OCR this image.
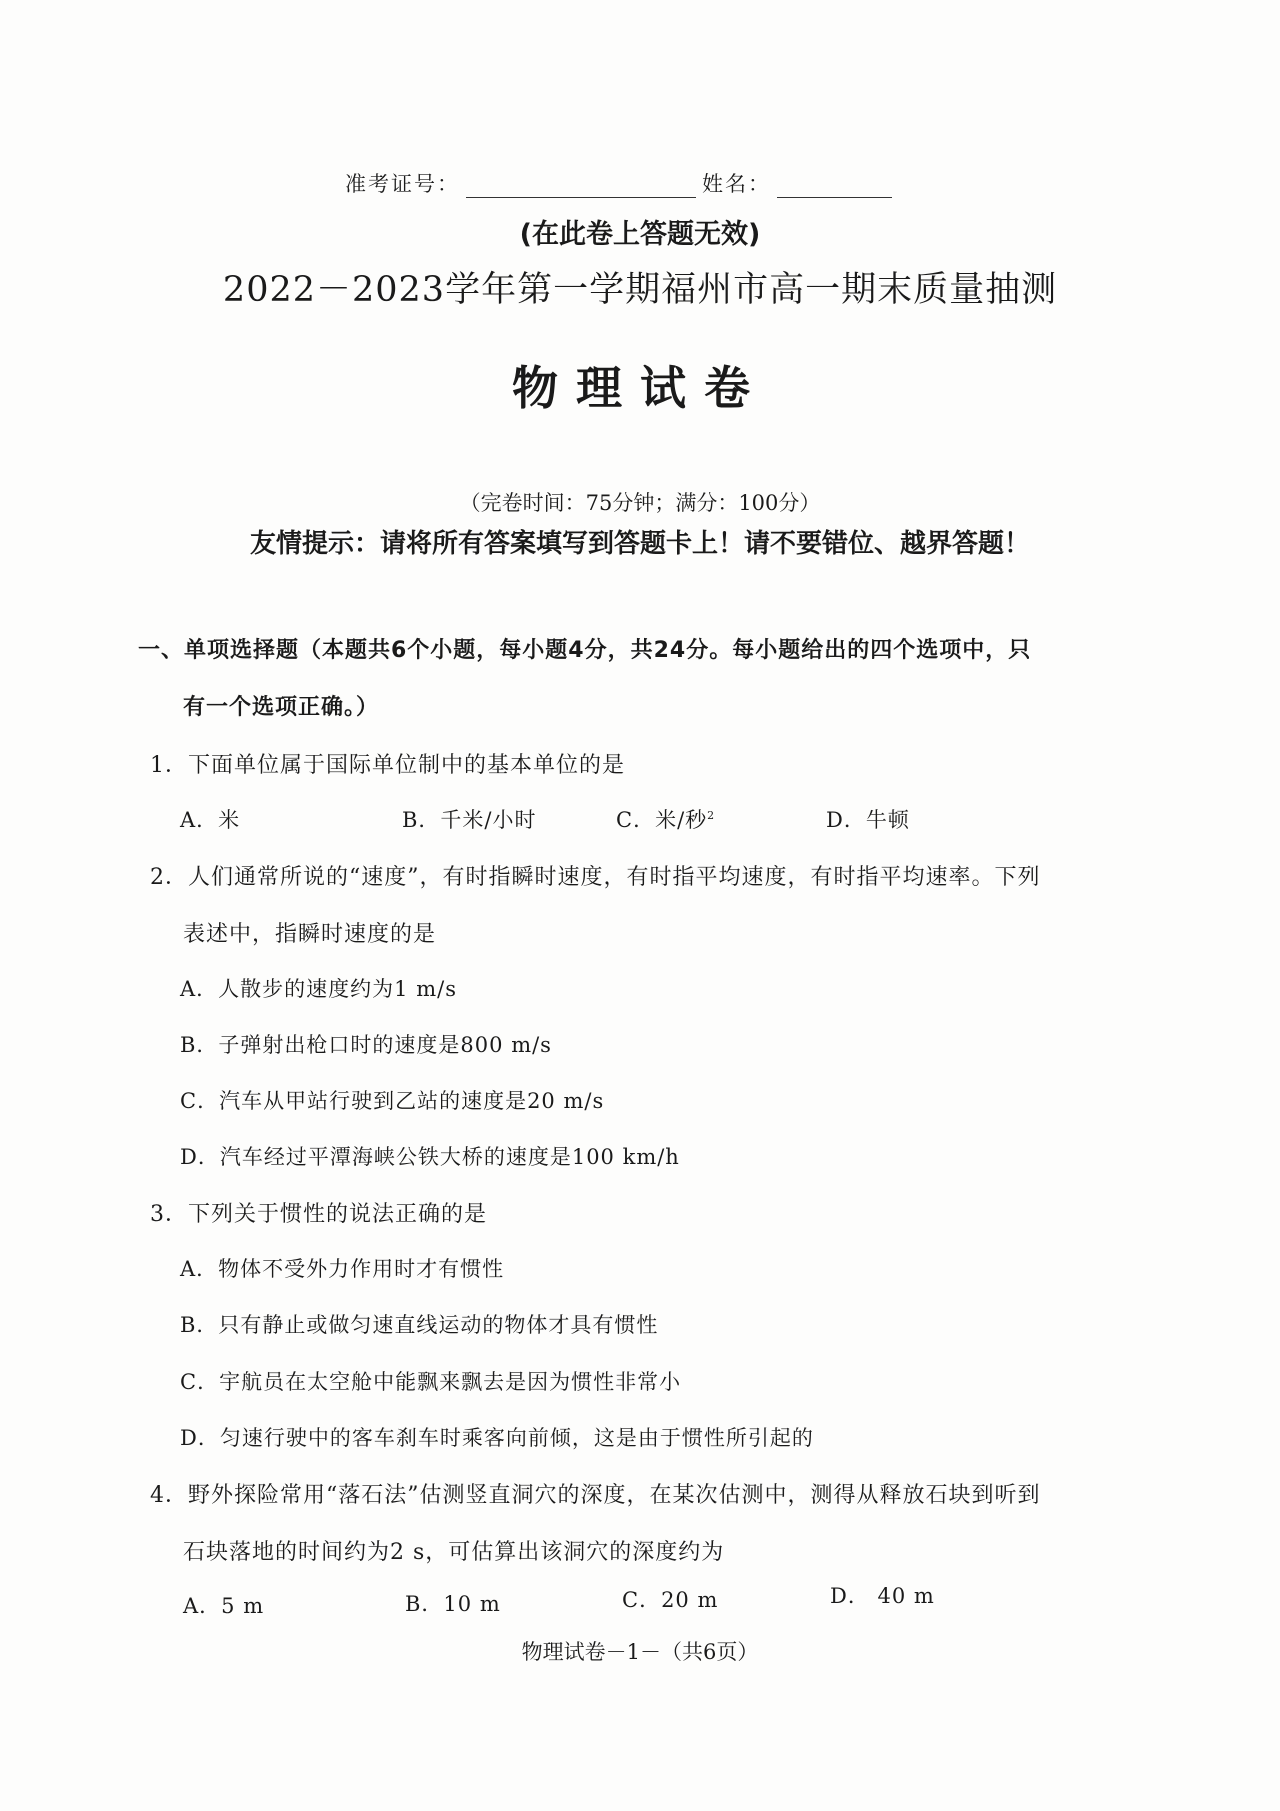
准考证号：	姓名：
(在此卷上答题无效)
2022－2023学年第一学期福州市高一期末质量抽测
物理试卷
（完卷时间：75分钟；满分：100分）
友情提示：请将所有答案填写到答题卡上！请不要错位、越界答题！
一、单项选择题（本题共6个小题，每小题4分，共24分。每小题给出的四个选项中，只
有一个选项正确。）
1．下面单位属于国际单位制中的基本单位的是
A．米	B．千米/小时	C．米/秒$^2$	D．牛顿
2．人们通常所说的“速度”，有时指瞬时速度，有时指平均速度，有时指平均速率。下列
表述中，指瞬时速度的是
A．人散步的速度约为1 m/s
B．子弹射出枪口时的速度是800 m/s
C．汽车从甲站行驶到乙站的速度是20 m/s
D．汽车经过平潭海峡公铁大桥的速度是100 km/h
3．下列关于惯性的说法正确的是
A．物体不受外力作用时才有惯性
B．只有静止或做匀速直线运动的物体才具有惯性
C．宇航员在太空舱中能飘来飘去是因为惯性非常小
D．匀速行驶中的客车刹车时乘客向前倾，这是由于惯性所引起的
4．野外探险常用“落石法”估测竖直洞穴的深度，在某次估测中，测得从释放石块到听到
石块落地的时间约为2 s，可估算出该洞穴的深度约为
A．5 m	B．10 m	C．20 m	D． 40 m
物理试卷－1－（共6页）
